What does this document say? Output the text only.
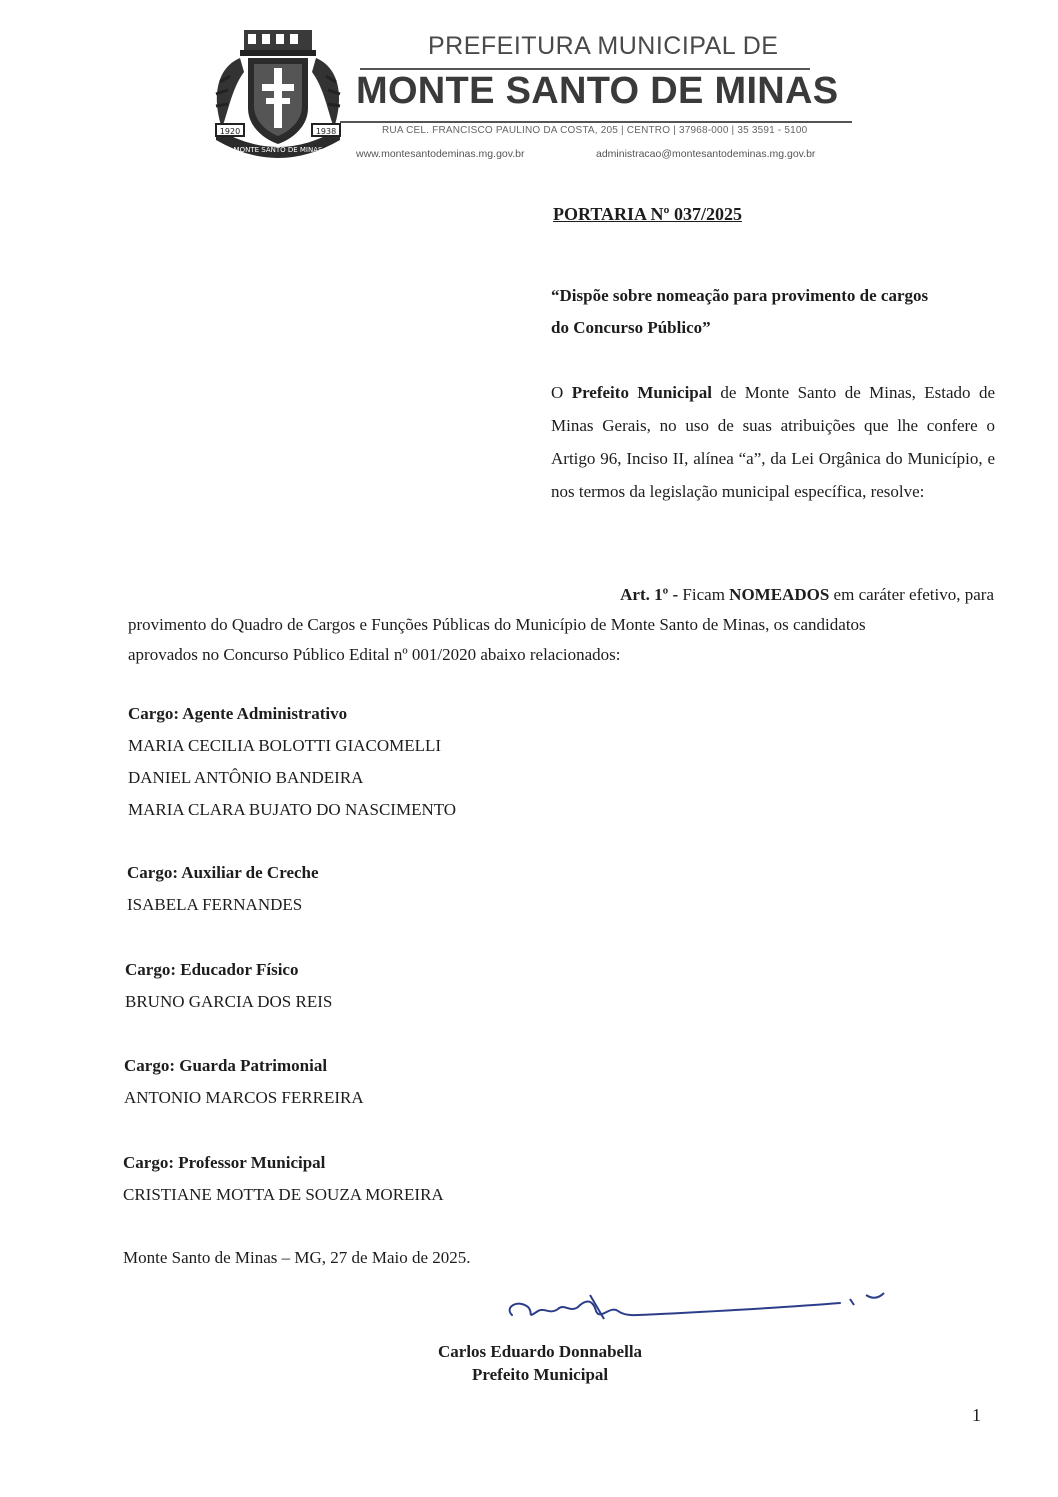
1920	1938
MONTE SANTO DE MINAS
PREFEITURA MUNICIPAL DE
MONTE SANTO DE MINAS
RUA CEL. FRANCISCO PAULINO DA COSTA, 205 | CENTRO | 37968-000 | 35 3591 - 5100
www.montesantodeminas.mg.gov.br	administracao@montesantodeminas.mg.gov.br
PORTARIA Nº 037/2025
“Dispõe sobre nomeação para provimento de cargos
do Concurso Público”
O Prefeito Municipal de Monte Santo de Minas, Estado de Minas Gerais, no uso de suas atribuições que lhe confere o Artigo 96, Inciso II, alínea “a”, da Lei Orgânica do Município, e nos termos da legislação municipal específica, resolve:
Art. 1º - Ficam NOMEADOS em caráter efetivo, para
provimento do Quadro de Cargos e Funções Públicas do Município de Monte Santo de Minas, os candidatos
aprovados no Concurso Público Edital nº 001/2020 abaixo relacionados:
Cargo: Agente Administrativo
MARIA CECILIA BOLOTTI GIACOMELLI
DANIEL ANTÔNIO BANDEIRA
MARIA CLARA BUJATO DO NASCIMENTO
Cargo: Auxiliar de Creche
ISABELA FERNANDES
Cargo: Educador Físico
BRUNO GARCIA DOS REIS
Cargo: Guarda Patrimonial
ANTONIO MARCOS FERREIRA
Cargo: Professor Municipal
CRISTIANE MOTTA DE SOUZA MOREIRA
Monte Santo de Minas – MG, 27 de Maio de 2025.
Carlos Eduardo Donnabella
Prefeito Municipal
1
